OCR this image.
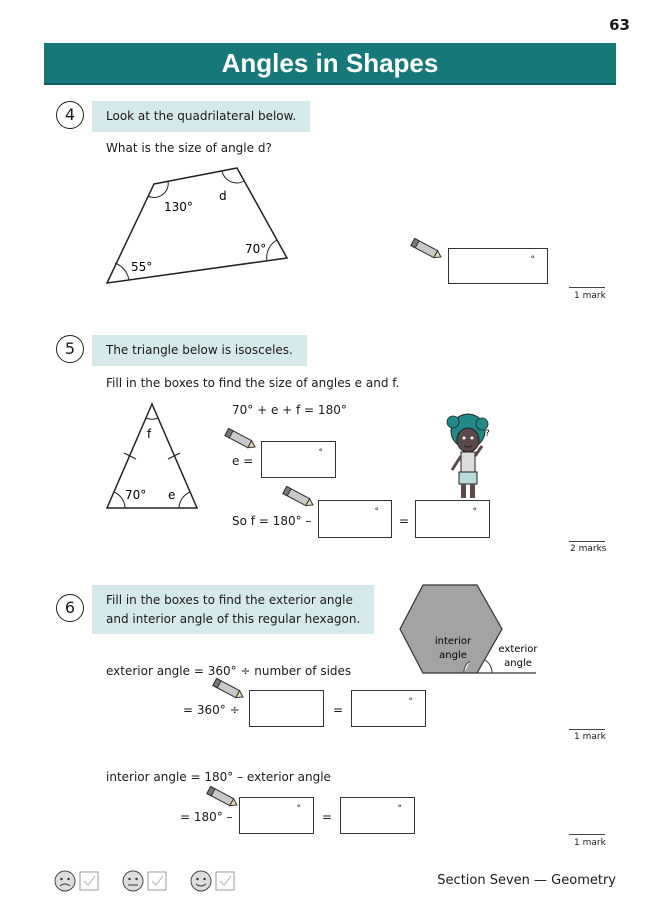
63
Angles in Shapes
4	Look at the quadrilateral below.
What is the size of angle d?
130°
d
70°
55°	°
1 mark
5	The triangle below is isosceles.
Fill in the boxes to find the size of angles e and f.
f
70° e
70° + e + f = 180°
e =
°
So f = 180° –
°
=
°
?
2 marks
6	Fill in the boxes to find the exterior angle
and interior angle of this regular hexagon.
interior
angle
exterior
angle
exterior angle = 360° ÷ number of sides
= 360° ÷	=
°
1 mark
interior angle = 180° – exterior angle
= 180° –
°
=
°
1 mark
Section Seven — Geometry
